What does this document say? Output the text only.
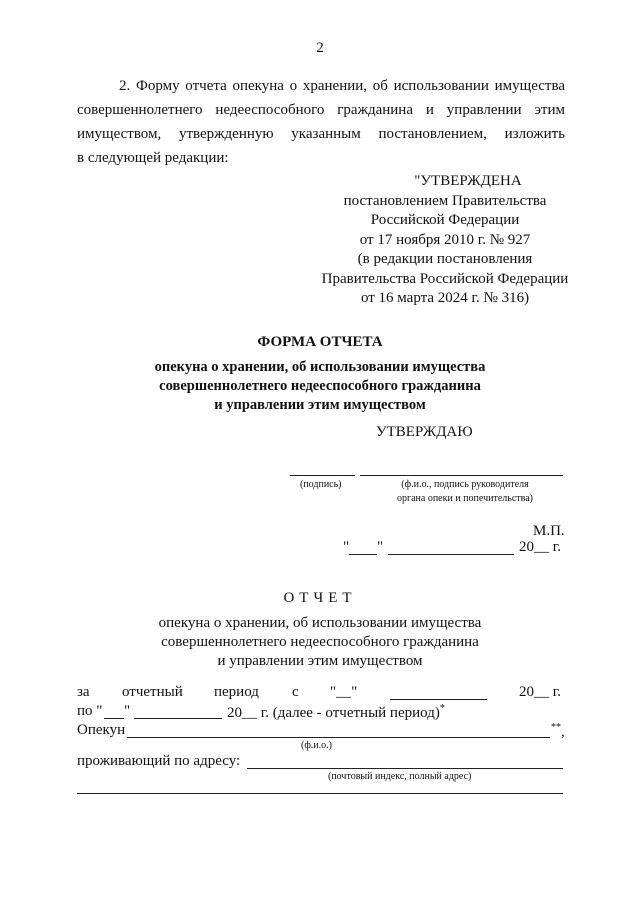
2
2. Форму отчета опекуна о хранении, об использовании имущества
совершеннолетнего недееспособного гражданина и управлении этим
имуществом, утвержденную указанным постановлением, изложить
в следующей редакции:
"УТВЕРЖДЕНА
постановлением Правительства
Российской Федерации
от 17 ноября 2010 г. № 927
(в редакции постановления
Правительства Российской Федерации
от 16 марта 2024 г. № 316)
ФОРМА ОТЧЕТА
опекуна о хранении, об использовании имущества
совершеннолетнего недееспособного гражданина
и управлении этим имуществом
УТВЕРЖДАЮ
(подпись)	(ф.и.о., подпись руководителя
органа опеки и попечительства)
М.П.
" "	20__ г.
ОТЧЕТ
опекуна о хранении, об использовании имущества
совершеннолетнего недееспособного гражданина
и управлении этим имуществом
за отчетный период с "__"	20__ г.
по " "	20__ г. (далее - отчетный период)*
Опекун	**,
(ф.и.о.)
проживающий по адресу:
(почтовый индекс, полный адрес)
